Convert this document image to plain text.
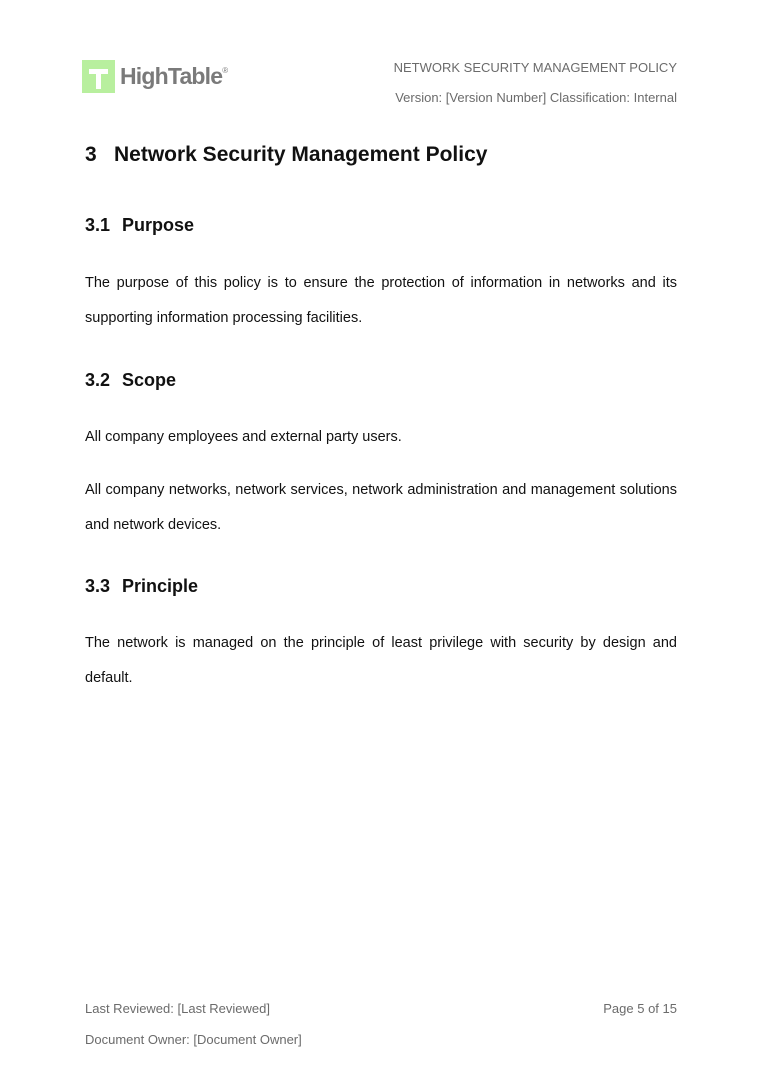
HighTable®	NETWORK SECURITY MANAGEMENT POLICY
Version: [Version Number] Classification: Internal
3 Network Security Management Policy
3.1 Purpose

The purpose of this policy is to ensure the protection of information in networks and its supporting information processing facilities.

3.2 Scope

All company employees and external party users.

All company networks, network services, network administration and management solutions and network devices.

3.3 Principle

The network is managed on the principle of least privilege with security by design and default.

Last Reviewed: [Last Reviewed]	Page 5 of 15
Document Owner: [Document Owner]
